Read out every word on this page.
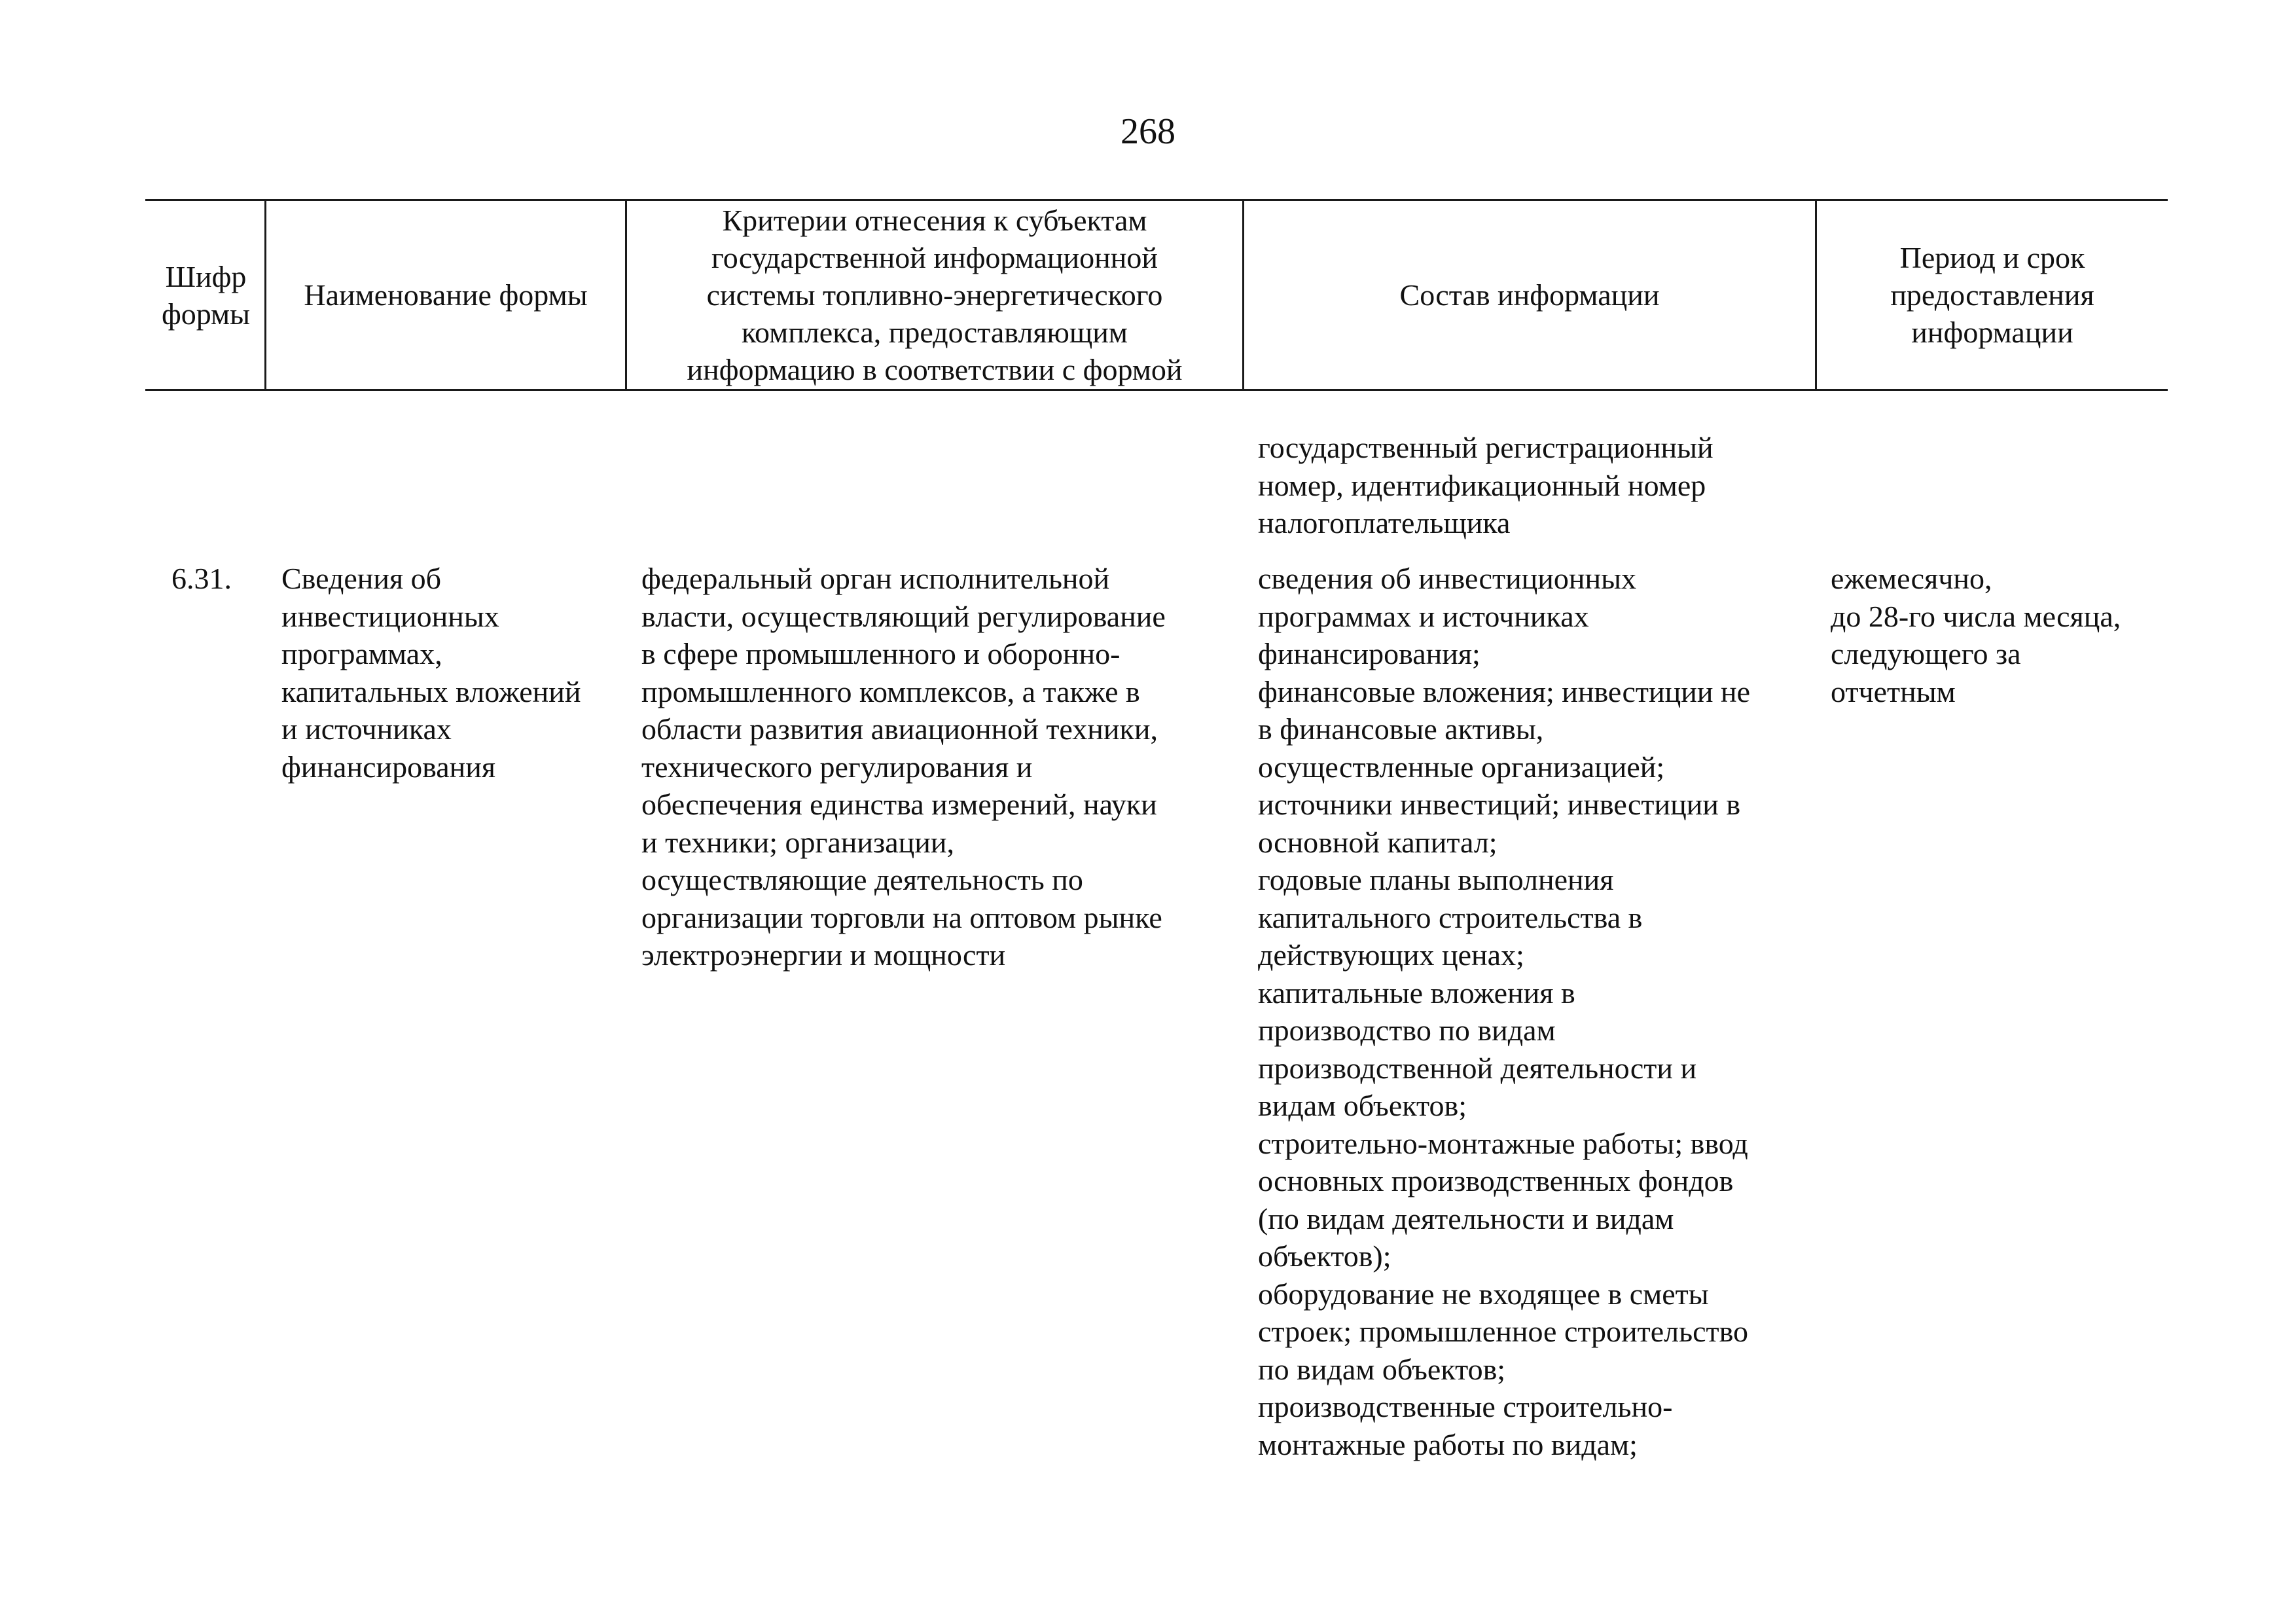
268
Шифр
формы
Наименование формы
Критерии отнесения к субъектам
государственной информационной
системы топливно-энергетического
комплекса, предоставляющим
информацию в соответствии с формой
Состав информации
Период и срок
предоставления
информации
государственный регистрационный
номер, идентификационный номер
налогоплательщика
6.31.	Сведения об
инвестиционных
программах,
капитальных вложений
и источниках
финансирования
федеральный орган исполнительной
власти, осуществляющий регулирование
в сфере промышленного и оборонно-
промышленного комплексов, а также в
области развития авиационной техники,
технического регулирования и
обеспечения единства измерений, науки
и техники; организации,
осуществляющие деятельность по
организации торговли на оптовом рынке
электроэнергии и мощности
сведения об инвестиционных
программах и источниках
финансирования;
финансовые вложения; инвестиции не
в финансовые активы,
осуществленные организацией;
источники инвестиций; инвестиции в
основной капитал;
годовые планы выполнения
капитального строительства в
действующих ценах;
капитальные вложения в
производство по видам
производственной деятельности и
видам объектов;
строительно-монтажные работы; ввод
основных производственных фондов
(по видам деятельности и видам
объектов);
оборудование не входящее в сметы
строек; промышленное строительство
по видам объектов;
производственные строительно-
монтажные работы по видам;
ежемесячно,
до 28-го числа месяца,
следующего за
отчетным
